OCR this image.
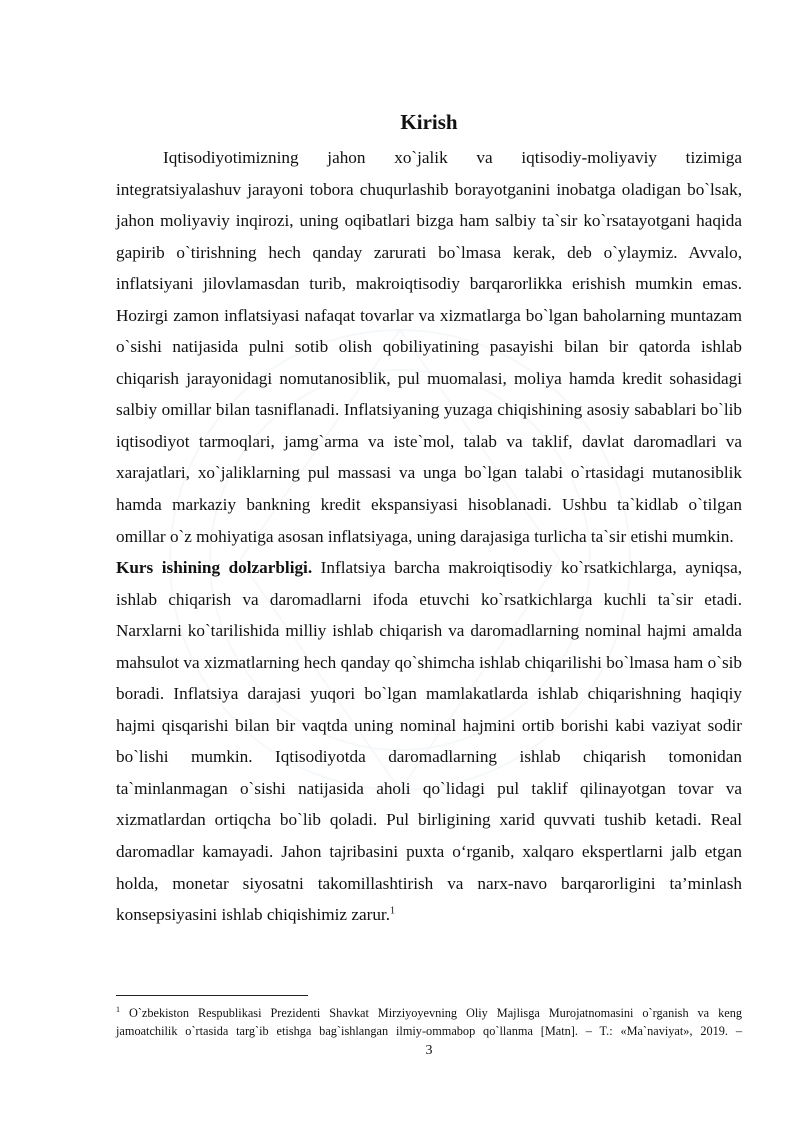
Kirish

Iqtisodiyotimizning jahon xo`jalik va iqtisodiy-moliyaviy tizimiga integratsiyalashuv jarayoni tobora chuqurlashib borayotganini inobatga oladigan bo`lsak, jahon moliyaviy inqirozi, uning oqibatlari bizga ham salbiy ta`sir ko`rsatayotgani haqida gapirib o`tirishning hech qanday zarurati bo`lmasa kerak, deb o`ylaymiz. Avvalo, inflatsiyani jilovlamasdan turib, makroiqtisodiy barqarorlikka erishish mumkin emas. Hozirgi zamon inflatsiyasi nafaqat tovarlar va xizmatlarga bo`lgan baholarning muntazam o`sishi natijasida pulni sotib olish qobiliyatining pasayishi bilan bir qatorda ishlab chiqarish jarayonidagi nomutanosiblik, pul muomalasi, moliya hamda kredit sohasidagi salbiy omillar bilan tasniflanadi. Inflatsiyaning yuzaga chiqishining asosiy sabablari bo`lib iqtisodiyot tarmoqlari, jamg`arma va iste`mol, talab va taklif, davlat daromadlari va xarajatlari, xo`jaliklarning pul massasi va unga bo`lgan talabi o`rtasidagi mutanosiblik hamda markaziy bankning kredit ekspansiyasi hisoblanadi. Ushbu ta`kidlab o`tilgan omillar o`z mohiyatiga asosan inflatsiyaga, uning darajasiga turlicha ta`sir etishi mumkin.

Kurs ishining dolzarbligi. Inflatsiya barcha makroiqtisodiy ko`rsatkichlarga, ayniqsa, ishlab chiqarish va daromadlarni ifoda etuvchi ko`rsatkichlarga kuchli ta`sir etadi. Narxlarni ko`tarilishida milliy ishlab chiqarish va daromadlarning nominal hajmi amalda mahsulot va xizmatlarning hech qanday qo`shimcha ishlab chiqarilishi bo`lmasa ham o`sib boradi. Inflatsiya darajasi yuqori bo`lgan mamlakatlarda ishlab chiqarishning haqiqiy hajmi qisqarishi bilan bir vaqtda uning nominal hajmini ortib borishi kabi vaziyat sodir bo`lishi mumkin. Iqtisodiyotda daromadlarning ishlab chiqarish tomonidan ta`minlanmagan o`sishi natijasida aholi qo`lidagi pul taklif qilinayotgan tovar va xizmatlardan ortiqcha bo`lib qoladi. Pul birligining xarid quvvati tushib ketadi. Real daromadlar kamayadi. Jahon tajribasini puxta o‘rganib, xalqaro ekspertlarni jalb etgan holda, monetar siyosatni takomillashtirish va narx-navo barqarorligini ta’minlash konsepsiyasini ishlab chiqishimiz zarur.$^1$

$^1$ O`zbekiston Respublikasi Prezidenti Shavkat Mirziyoyevning Oliy Majlisga Murojatnomasini o`rganish va keng jamoatchilik o`rtasida targ`ib etishga bag`ishlangan ilmiy-ommabop qo`llanma [Matn]. – T.: «Ma`naviyat», 2019. –

3
